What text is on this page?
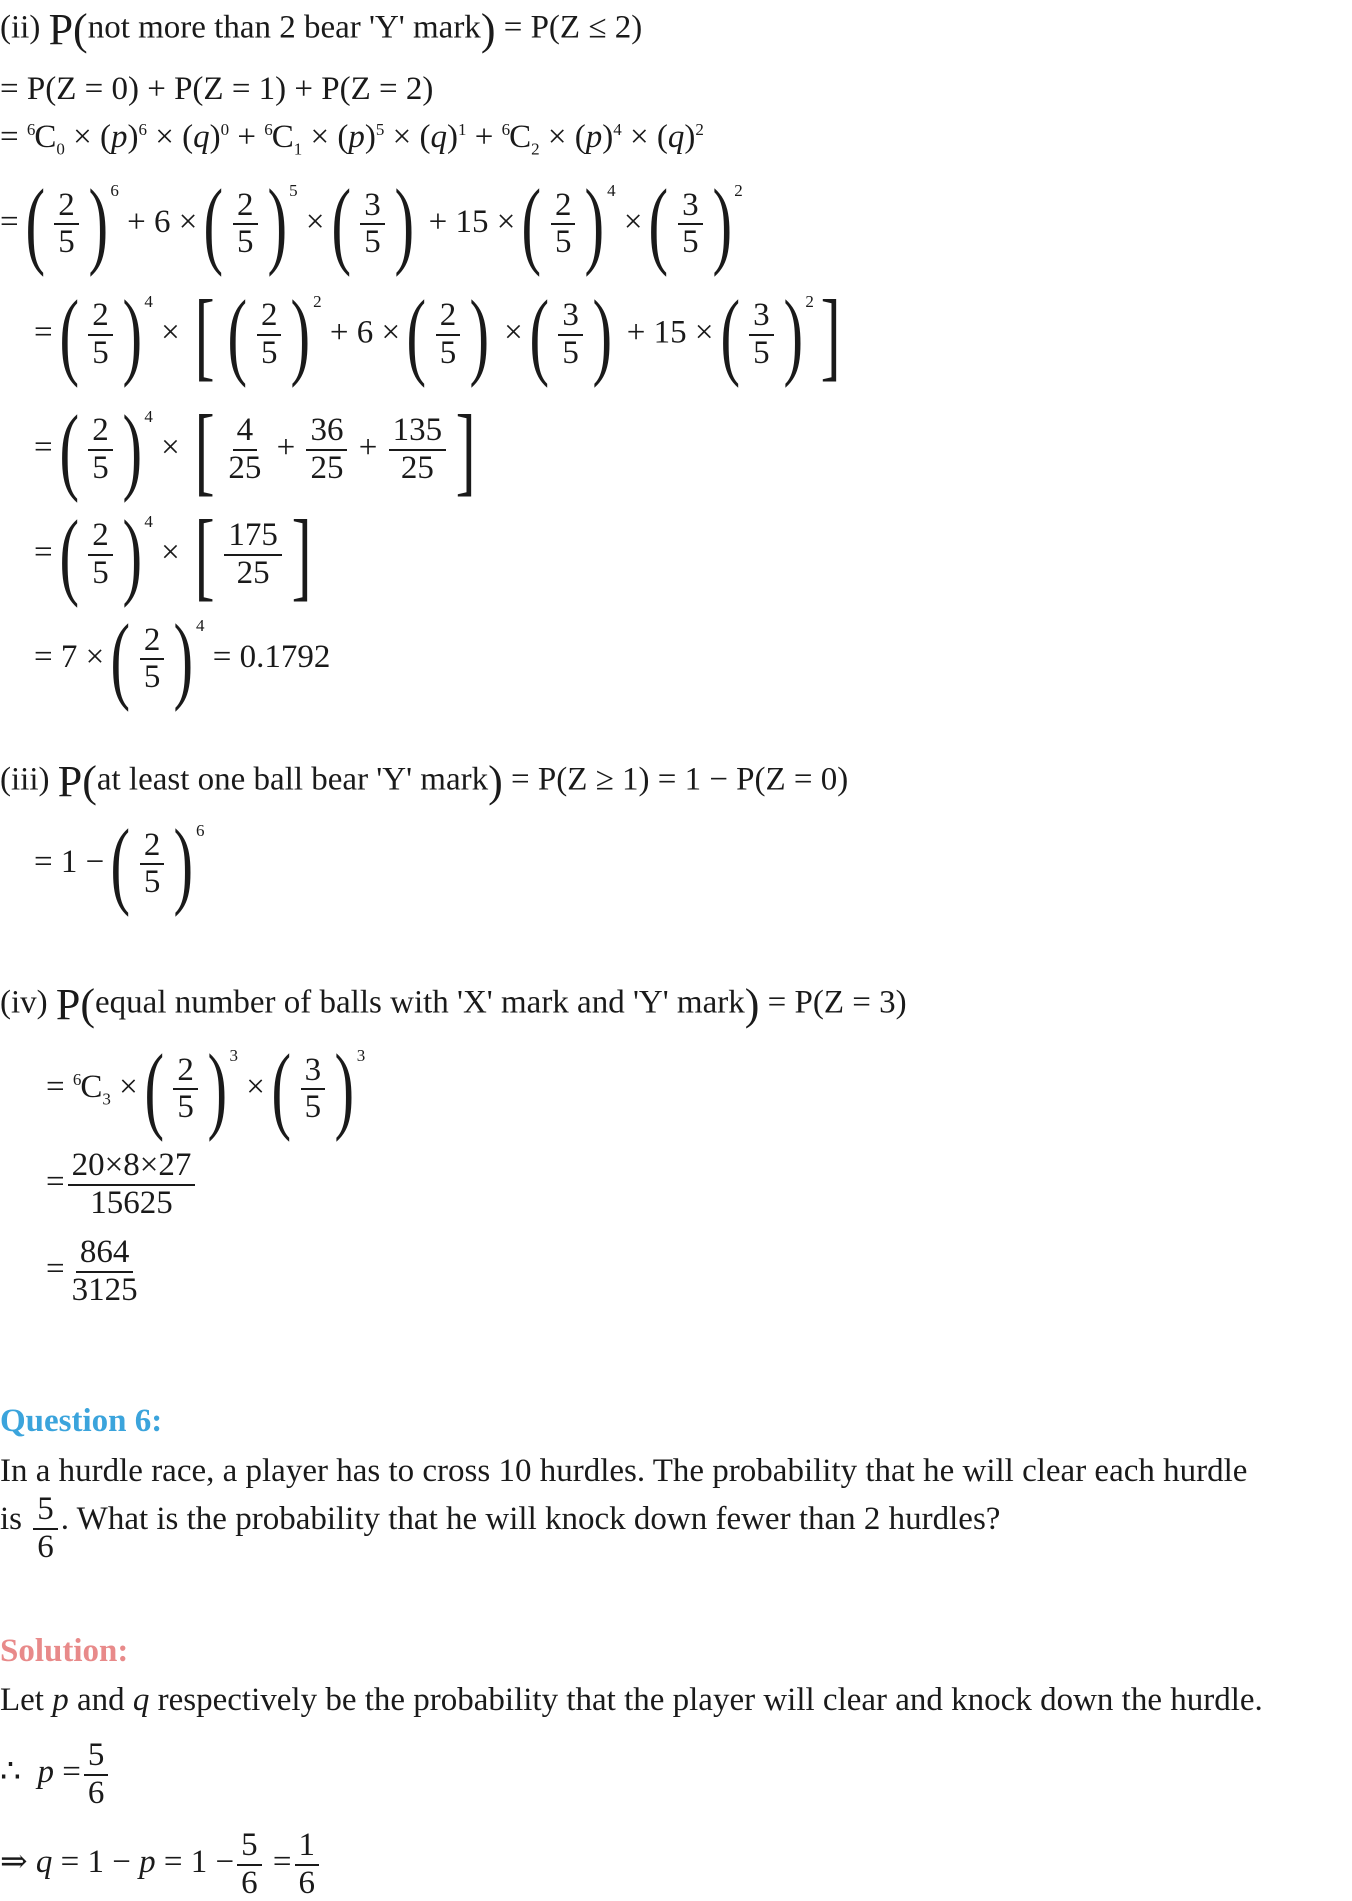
(ii) P(not more than 2 bear 'Y' mark) = P(Z ≤ 2)
= P(Z = 0) + P(Z = 1) + P(Z = 2)
= $^6C_0 \times (p)^6 \times (q)^0 + ^6C_1 \times (p)^5 \times (q)^1 + ^6C_2 \times (p)^4 \times (q)^2$
= ( $\frac{2}{5}$ ) 6
+ 6 × ( $\frac{2}{5}$ ) 5
× ( $\frac{3}{5}$ ) + 15 × ( $\frac{2}{5}$ ) 4
× ( $\frac{3}{5}$ ) 2
= ( $\frac{2}{5}$ ) 4
× [ ( $\frac{2}{5}$ ) 2
+ 6 × ( $\frac{2}{5}$ ) × ( $\frac{3}{5}$ ) + 15 × ( $\frac{3}{5}$ ) 2 ]
= ( $\frac{2}{5}$ ) 4
× [ $\frac{4}{25} + \frac{36}{25} + \frac{135}{25}$ ]
= ( $\frac{2}{5}$ ) 4
× [ $\frac{175}{25}$ ]
= 7 × ( $\frac{2}{5}$ ) 4
= 0.1792
(iii) P(at least one ball bear 'Y' mark) = P(Z ≥ 1) = 1 − P(Z = 0)
= 1 − ( $\frac{2}{5}$ ) 6
(iv) P(equal number of balls with 'X' mark and 'Y' mark) = P(Z = 3)
= $^6C_3$ × ( $\frac{2}{5}$ ) 3
× ( $\frac{3}{5}$ ) 3
= $\frac{20\times 8\times 27}{15625}$
= $\frac{864}{3125}$
Question 6:
In a hurdle race, a player has to cross 10 hurdles. The probability that he will clear each hurdle
is $\frac{5}{6}$ . What is the probability that he will knock down fewer than 2 hurdles?
Solution:
Let p and q respectively be the probability that the player will clear and knock down the hurdle.
∴  $p = \frac{5}{6}$
⇒ $q = 1 - p = 1 - \frac{5}{6} = \frac{1}{6}$
